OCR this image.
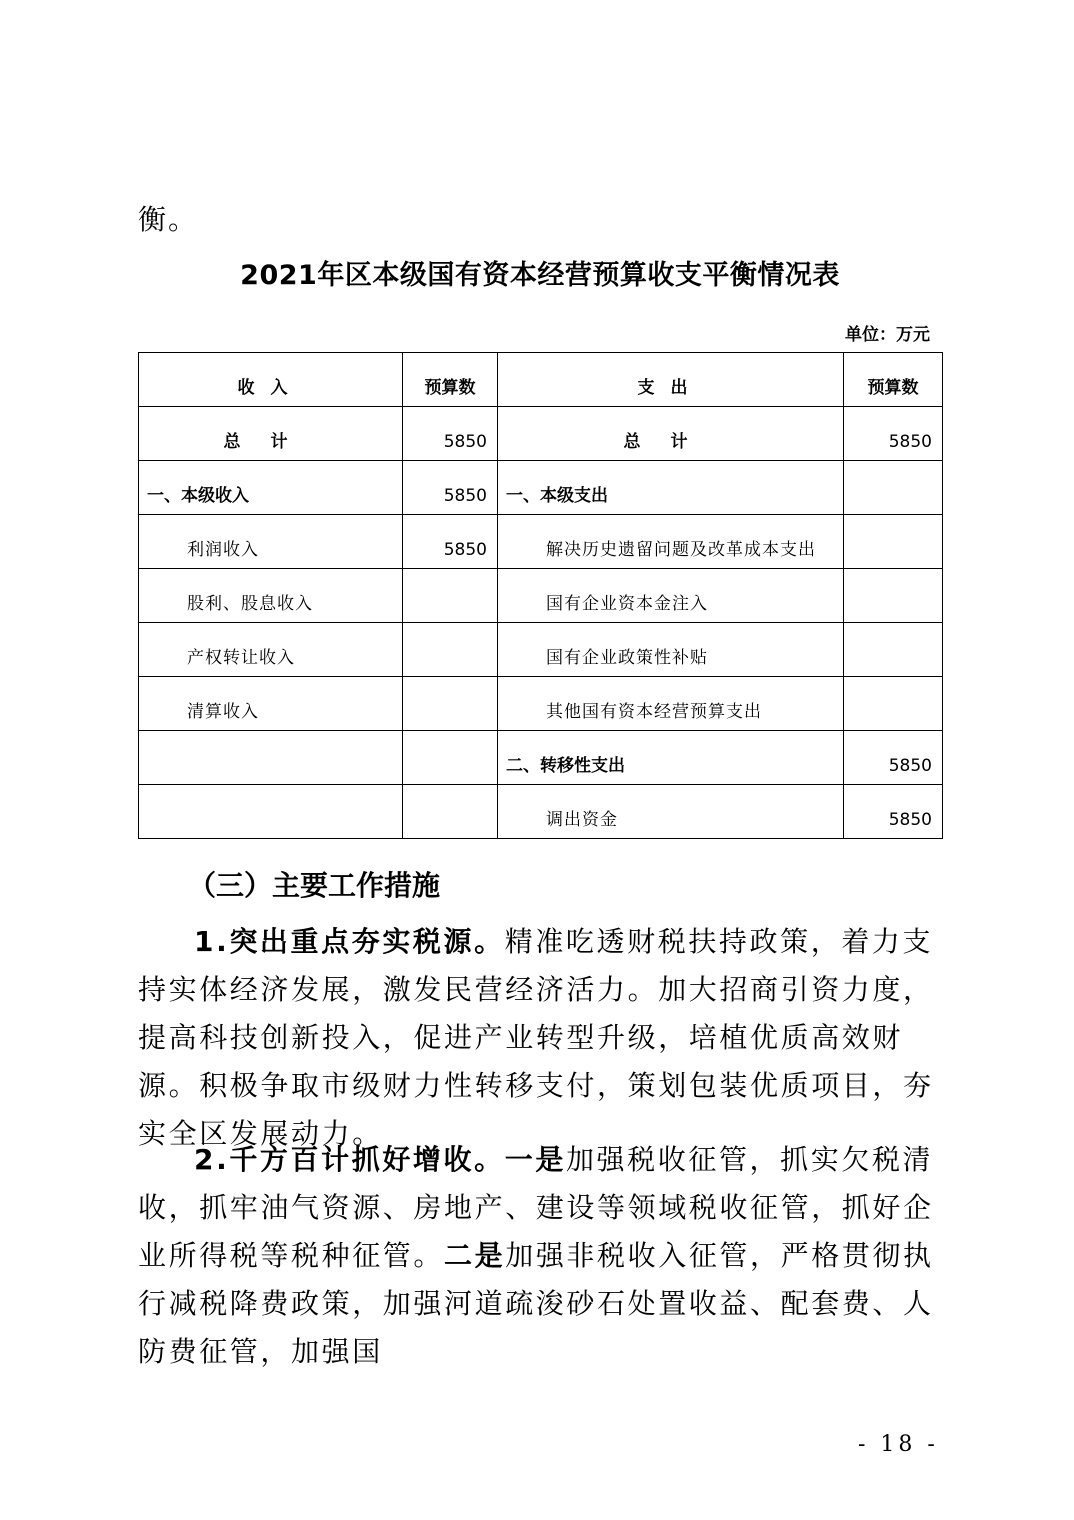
衡。

2021年区本级国有资本经营预算收支平衡情况表
单位：万元
收入	预算数	支出	预算数
总计	5850	总计	5850
一、本级收入	5850	一、本级支出	
利润收入	5850	解决历史遗留问题及改革成本支出	
股利、股息收入		国有企业资本金注入	
产权转让收入		国有企业政策性补贴	
清算收入		其他国有资本经营预算支出	
		二、转移性支出	5850
		调出资金	5850
（三）主要工作措施

1.突出重点夯实税源。精准吃透财税扶持政策，着力支持实体经济发展，激发民营经济活力。加大招商引资力度，提高科技创新投入，促进产业转型升级，培植优质高效财源。积极争取市级财力性转移支付，策划包装优质项目，夯实全区发展动力。

2.千方百计抓好增收。一是加强税收征管，抓实欠税清收，抓牢油气资源、房地产、建设等领域税收征管，抓好企业所得税等税种征管。二是加强非税收入征管，严格贯彻执行减税降费政策，加强河道疏浚砂石处置收益、配套费、人防费征管，加强国

- 18 -
